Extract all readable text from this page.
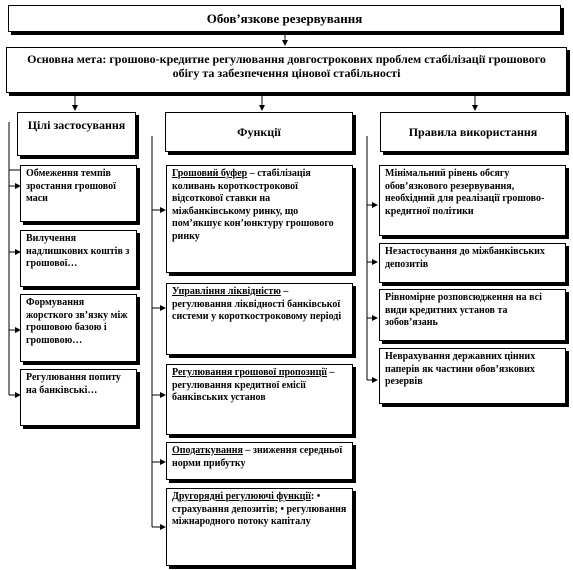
Обов’язкове резервування
Основна мета: грошово-кредитне регулювання довгострокових проблем стабілізації грошового обігу та забезпечення цінової стабільності
Цілі застосування	Функції	Правила використання
Обмеження темпів зростання грошової маси
Вилучення надлишкових коштів з грошової…
Формування жорсткого зв’язку між грошовою базою і грошовою…
Регулювання попиту на банківські…
Грошовий буфер – стабілізація коливань короткострокової відсоткової ставки на міжбанківському ринку, що пом’якшує кон’юнктуру грошового ринку
Управління ліквідністю – регулювання ліквідності банківської системи у короткостроковому періоді
Регулювання грошової пропозиції – регулювання кредитної емісії банківських установ
Оподаткування – зниження середньої норми прибутку
Другорядні регулюючі функції: • страхування депозитів; • регулювання міжнародного потоку капіталу
Мінімальний рівень обсягу обов’язкового резервування, необхідний для реалізації грошово-кредитної політики
Незастосування до міжбанківських депозитів
Рівномірне розповсюдження на всі види кредитних установ та зобов’язань
Неврахування державних цінних паперів як частини обов’язкових резервів
